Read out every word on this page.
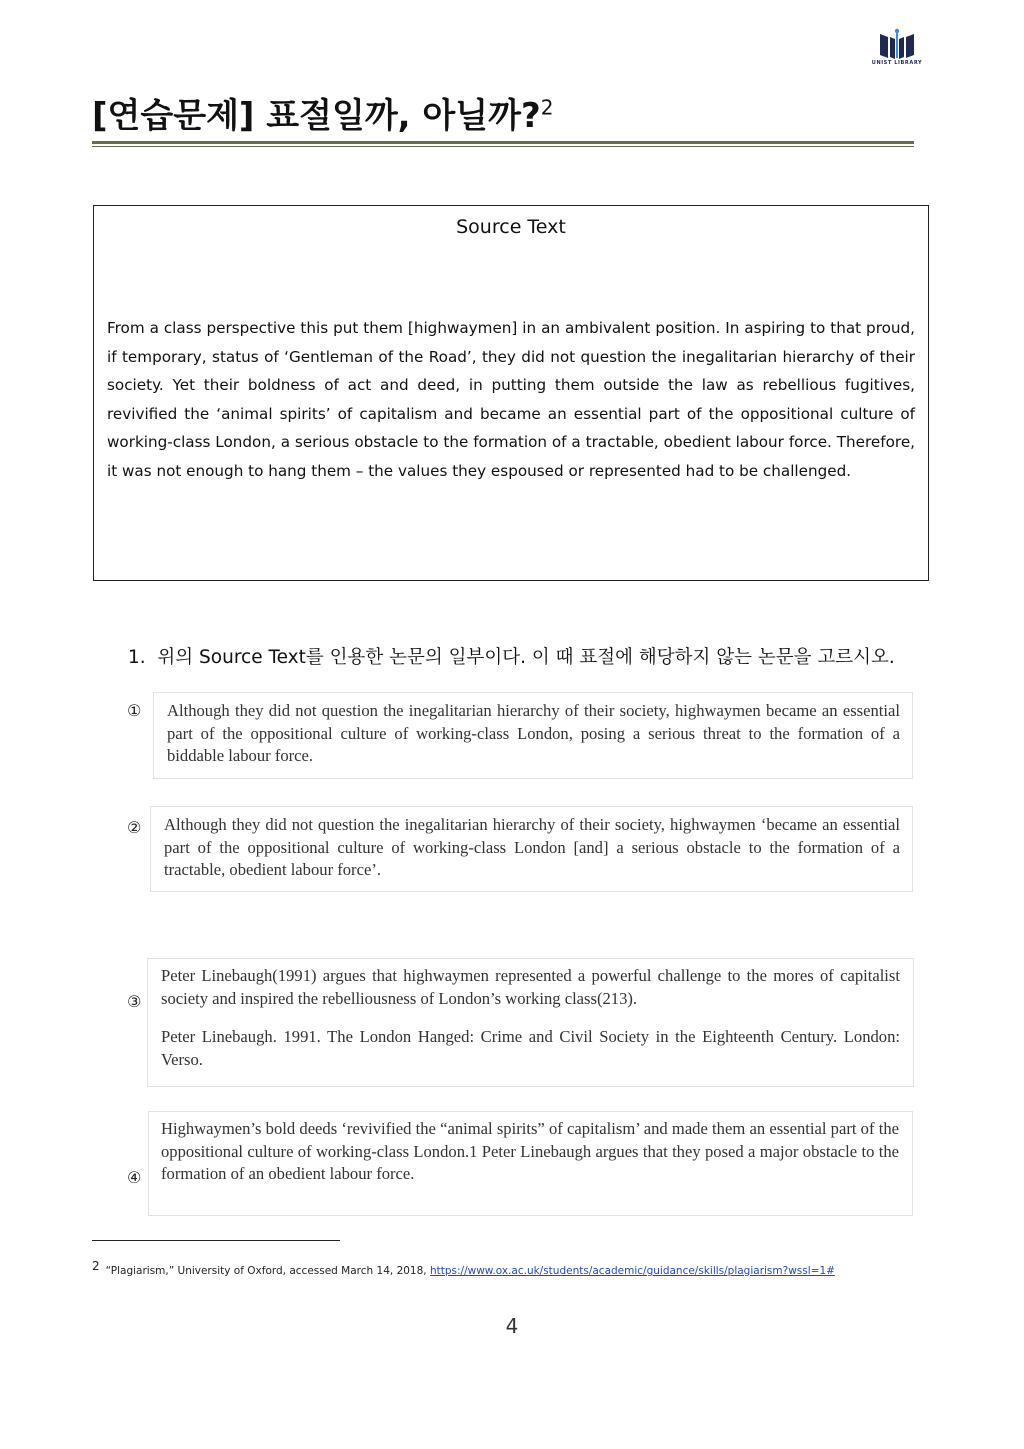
UNIST LIBRARY
[연습문제] 표절일까, 아닐까?$^2$
Source Text
From a class perspective this put them [highwaymen] in an ambivalent position. In aspiring to that proud, if temporary, status of ‘Gentleman of the Road’, they did not question the inegalitarian hierarchy of their society. Yet their boldness of act and deed, in putting them outside the law as rebellious fugitives, revivified the ‘animal spirits’ of capitalism and became an essential part of the oppositional culture of working-class London, a serious obstacle to the formation of a tractable, obedient labour force. Therefore, it was not enough to hang them – the values they espoused or represented had to be challenged.
1. 위의 Source Text를 인용한 논문의 일부이다. 이 때 표절에 해당하지 않는 논문을 고르시오.
① Although they did not question the inegalitarian hierarchy of their society, highwaymen became an essential part of the oppositional culture of working-class London, posing a serious threat to the formation of a biddable labour force.

② Although they did not question the inegalitarian hierarchy of their society, highwaymen ‘became an essential part of the oppositional culture of working-class London [and] a serious obstacle to the formation of a tractable, obedient labour force’.

③

Peter Linebaugh(1991) argues that highwaymen represented a powerful challenge to the mores of capitalist society and inspired the rebelliousness of London’s working class(213).

Peter Linebaugh. 1991. The London Hanged: Crime and Civil Society in the Eighteenth Century. London: Verso.

④

Highwaymen’s bold deeds ‘revivified the “animal spirits” of capitalism’ and made them an essential part of the oppositional culture of working-class London.1 Peter Linebaugh argues that they posed a major obstacle to the formation of an obedient labour force.

2 “Plagiarism,” University of Oxford, accessed March 14, 2018, https://www.ox.ac.uk/students/academic/guidance/skills/plagiarism?wssl=1#
4
